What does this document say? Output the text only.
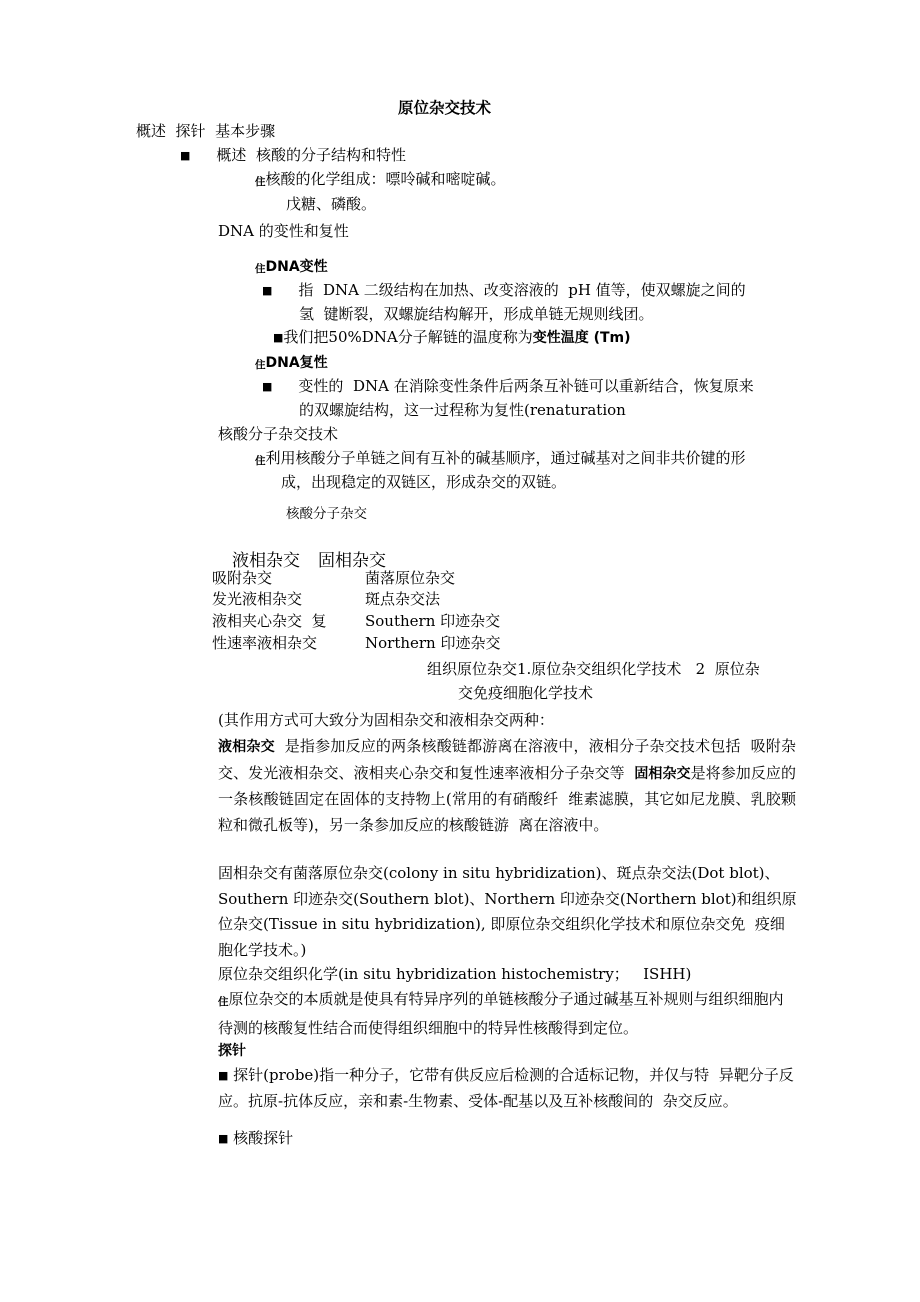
原位杂交技术
概述  探针  基本步骤
■ 概述  核酸的分子结构和特性
住核酸的化学组成：嘌呤碱和嘧啶碱。
戊糖、磷酸。
DNA 的变性和复性
住DNA变性
■ 指  DNA 二级结构在加热、改变溶液的  pH 值等，使双螺旋之间的
氢  键断裂，双螺旋结构解开，形成单链无规则线团。
■我们把50%DNA分子解链的温度称为变性温度 (Tm)
住DNA复性
■ 变性的  DNA 在消除变性条件后两条互补链可以重新结合，恢复原来
的双螺旋结构，这一过程称为复性(renaturation
核酸分子杂交技术
住利用核酸分子单链之间有互补的碱基顺序，通过碱基对之间非共价键的形
成，出现稳定的双链区，形成杂交的双链。
核酸分子杂交
液相杂交 固相杂交
吸附杂交	菌落原位杂交
发光液相杂交	斑点杂交法
液相夹心杂交  复	Southern 印迹杂交
性速率液相杂交	Northern 印迹杂交
组织原位杂交1.原位杂交组织化学技术   2  原位杂
交免疫细胞化学技术
(其作用方式可大致分为固相杂交和液相杂交两种：
液相杂交  是指参加反应的两条核酸链都游离在溶液中，液相分子杂交技术包括  吸附杂交、发光液相杂交、液相夹心杂交和复性速率液相分子杂交等  固相杂交是将参加反应的一条核酸链固定在固体的支持物上(常用的有硝酸纤  维素滤膜，其它如尼龙膜、乳胶颗粒和微孔板等)，另一条参加反应的核酸链游  离在溶液中。
固相杂交有菌落原位杂交(colony in situ hybridization)、斑点杂交法(Dot blot)、Southern 印迹杂交(Southern blot)、Northern 印迹杂交(Northern blot)和组织原位杂交(Tissue in situ hybridization), 即原位杂交组织化学技术和原位杂交免  疫细胞化学技术。)
原位杂交组织化学(in situ hybridization histochemistry；   ISHH)
住原位杂交的本质就是使具有特异序列的单链核酸分子通过碱基互补规则与组织细胞内待测的核酸复性结合而使得组织细胞中的特异性核酸得到定位。
探针
■ 探针(probe)指一种分子，它带有供反应后检测的合适标记物，并仅与特  异靶分子反应。抗原-抗体反应，亲和素-生物素、受体-配基以及互补核酸间的  杂交反应。
■ 核酸探针
